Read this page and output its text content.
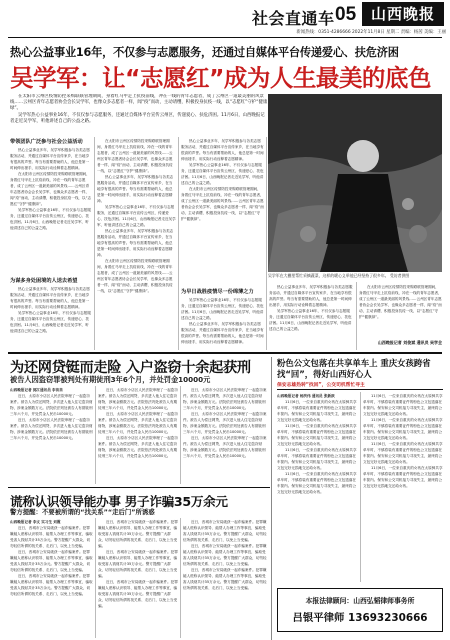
社会直通车 05 山西晚报
新闻热线：0351-4286666 2022年11月8日 星期二 责编：杨茜 美编：王丽
热心公益事业16年，不仅参与志愿服务，还通过自媒体平台传递爱心、扶危济困
吴学军：让“志愿红”成为人生最美的底色

在太阳市云州区疫情防控采购联联管理期间，身着红马甲走上抗疫前线，冲在一线的青年志愿者，成了云州区一道最美丽的风景线……云州区青年志愿者协会会长吴学军，也像众多志愿者一样，闻“疫”而动，主动请缨，积极投身抗疫一线，以“志愿红”守护“健康绿”。

吴学军热心公益事业16年，不仅仅参与志愿服务，还通过自媒体平台宣传云州区，传递爱心、扶危济困。11月6日，山西晚报记者走近吴学军，听他讲述自己的公益之路。

吴学军在大棚里帮忙采摘蔬菜，这样的暖心义举他已经坚持了很多年。 受访者供图
带领团队广泛参与社会公益活动

热心公益事业多年，吴学军积极参与各类志愿服务活动，并通过自媒体平台宣传家乡，在当地享有很高的声誉。每当有需要帮助的人，他总是第一时间伸出援手，用实际行动诠释着志愿精神。

在太阳市云州区疫情防控采购联联管理期间，身着红马甲走上抗疫前线，冲在一线的青年志愿者，成了云州区一道最美丽的风景线……云州区青年志愿者协会会长吴学军，也像众多志愿者一样，闻“疫”而动，主动请缨，积极投身抗疫一线，以“志愿红”守护“健康绿”。

吴学军热心公益事业16年，不仅仅参与志愿服务，还通过自媒体平台宣传云州区，传递爱心、扶危济困。11月6日，山西晚报记者走近吴学军，听他讲述自己的公益之路。

为谋多身处困境的人送去希望

热心公益事业多年，吴学军积极参与各类志愿服务活动，并通过自媒体平台宣传家乡，在当地享有很高的声誉。每当有需要帮助的人，他总是第一时间伸出援手，用实际行动诠释着志愿精神。

吴学军热心公益事业16年，不仅仅参与志愿服务，还通过自媒体平台宣传云州区，传递爱心、扶危济困。11月6日，山西晚报记者走近吴学军，听他讲述自己的公益之路。

在太阳市云州区疫情防控采购联联管理期间，身着红马甲走上抗疫前线，冲在一线的青年志愿者，成了云州区一道最美丽的风景线……云州区青年志愿者协会会长吴学军，也像众多志愿者一样，闻“疫”而动，主动请缨，积极投身抗疫一线，以“志愿红”守护“健康绿”。

热心公益事业多年，吴学军积极参与各类志愿服务活动，并通过自媒体平台宣传家乡，在当地享有很高的声誉。每当有需要帮助的人，他总是第一时间伸出援手，用实际行动诠释着志愿精神。

吴学军热心公益事业16年，不仅仅参与志愿服务，还通过自媒体平台宣传云州区，传递爱心、扶危济困。11月6日，山西晚报记者走近吴学军，听他讲述自己的公益之路。

热心公益事业多年，吴学军积极参与各类志愿服务活动，并通过自媒体平台宣传家乡，在当地享有很高的声誉。每当有需要帮助的人，他总是第一时间伸出援手，用实际行动诠释着志愿精神。

在太阳市云州区疫情防控采购联联管理期间，身着红马甲走上抗疫前线，冲在一线的青年志愿者，成了云州区一道最美丽的风景线……云州区青年志愿者协会会长吴学军，也像众多志愿者一样，闻“疫”而动，主动请缨，积极投身抗疫一线，以“志愿红”守护“健康绿”。

热心公益事业多年，吴学军积极参与各类志愿服务活动，并通过自媒体平台宣传家乡，在当地享有很高的声誉。每当有需要帮助的人，他总是第一时间伸出援手，用实际行动诠释着志愿精神。

吴学军热心公益事业16年，不仅仅参与志愿服务，还通过自媒体平台宣传云州区，传递爱心、扶危济困。11月6日，山西晚报记者走近吴学军，听他讲述自己的公益之路。

在太阳市云州区疫情防控采购联联管理期间，身着红马甲走上抗疫前线，冲在一线的青年志愿者，成了云州区一道最美丽的风景线……云州区青年志愿者协会会长吴学军，也像众多志愿者一样，闻“疫”而动，主动请缨，积极投身抗疫一线，以“志愿红”守护“健康绿”。

为早日战胜疫情尽一份绵薄之力

吴学军热心公益事业16年，不仅仅参与志愿服务，还通过自媒体平台宣传云州区，传递爱心、扶危济困。11月6日，山西晚报记者走近吴学军，听他讲述自己的公益之路。

热心公益事业多年，吴学军积极参与各类志愿服务活动，并通过自媒体平台宣传家乡，在当地享有很高的声誉。每当有需要帮助的人，他总是第一时间伸出援手，用实际行动诠释着志愿精神。

热心公益事业多年，吴学军积极参与各类志愿服务活动，并通过自媒体平台宣传家乡，在当地享有很高的声誉。每当有需要帮助的人，他总是第一时间伸出援手，用实际行动诠释着志愿精神。

吴学军热心公益事业16年，不仅仅参与志愿服务，还通过自媒体平台宣传云州区，传递爱心、扶危济困。11月6日，山西晚报记者走近吴学军，听他讲述自己的公益之路。

在太阳市云州区疫情防控采购联联管理期间，身着红马甲走上抗疫前线，冲在一线的青年志愿者，成了云州区一道最美丽的风景线……云州区青年志愿者协会会长吴学军，也像众多志愿者一样，闻“疫”而动，主动请缨，积极投身抗疫一线，以“志愿红”守护“健康绿”。

山西晚报记者 刘俊斌 通讯员 吴学全
为还网贷铤而走险 入户盗窃十余起获刑
被告人因盗窃罪被判处有期徒刑3年6个月，并处罚金10000元

山西晚报记者 郭江通讯员 李苗苗

近日，太原市小店区人民法院审理了一起盗窃案件。被告人为偿还网贷，多次进入他人住宅盗窃财物，涉案金额数万元。法院依法判处被告人有期徒刑三年六个月，并处罚金人民币10000元。

近日，太原市小店区人民法院审理了一起盗窃案件。被告人为偿还网贷，多次进入他人住宅盗窃财物，涉案金额数万元。法院依法判处被告人有期徒刑三年六个月，并处罚金人民币10000元。

近日，太原市小店区人民法院审理了一起盗窃案件。被告人为偿还网贷，多次进入他人住宅盗窃财物，涉案金额数万元。法院依法判处被告人有期徒刑三年六个月，并处罚金人民币10000元。

近日，太原市小店区人民法院审理了一起盗窃案件。被告人为偿还网贷，多次进入他人住宅盗窃财物，涉案金额数万元。法院依法判处被告人有期徒刑三年六个月，并处罚金人民币10000元。

近日，太原市小店区人民法院审理了一起盗窃案件。被告人为偿还网贷，多次进入他人住宅盗窃财物，涉案金额数万元。法院依法判处被告人有期徒刑三年六个月，并处罚金人民币10000元。

近日，太原市小店区人民法院审理了一起盗窃案件。被告人为偿还网贷，多次进入他人住宅盗窃财物，涉案金额数万元。法院依法判处被告人有期徒刑三年六个月，并处罚金人民币10000元。

近日，太原市小店区人民法院审理了一起盗窃案件。被告人为偿还网贷，多次进入他人住宅盗窃财物，涉案金额数万元。法院依法判处被告人有期徒刑三年六个月，并处罚金人民币10000元。

近日，太原市小店区人民法院审理了一起盗窃案件。被告人为偿还网贷，多次进入他人住宅盗窃财物，涉案金额数万元。法院依法判处被告人有期徒刑三年六个月，并处罚金人民币10000元。

谎称认识领导能办事 男子诈骗35万余元
警方提醒：不要被所谓的“找关系”“走后门”所诱惑

山西晚报记者 李文 实习生 刘霞

近日，晋城市公安局破获一起诈骗案件。犯罪嫌疑人谎称认识领导、能帮人办理工作等事宜，骗取受害人钱财共计35万余元。警方提醒广大群众，切勿轻信所谓的找关系、走后门，以免上当受骗。

近日，晋城市公安局破获一起诈骗案件。犯罪嫌疑人谎称认识领导、能帮人办理工作等事宜，骗取受害人钱财共计35万余元。警方提醒广大群众，切勿轻信所谓的找关系、走后门，以免上当受骗。

近日，晋城市公安局破获一起诈骗案件。犯罪嫌疑人谎称认识领导、能帮人办理工作等事宜，骗取受害人钱财共计35万余元。警方提醒广大群众，切勿轻信所谓的找关系、走后门，以免上当受骗。

近日，晋城市公安局破获一起诈骗案件。犯罪嫌疑人谎称认识领导、能帮人办理工作等事宜，骗取受害人钱财共计35万余元。警方提醒广大群众，切勿轻信所谓的找关系、走后门，以免上当受骗。

近日，晋城市公安局破获一起诈骗案件。犯罪嫌疑人谎称认识领导、能帮人办理工作等事宜，骗取受害人钱财共计35万余元。警方提醒广大群众，切勿轻信所谓的找关系、走后门，以免上当受骗。

近日，晋城市公安局破获一起诈骗案件。犯罪嫌疑人谎称认识领导、能帮人办理工作等事宜，骗取受害人钱财共计35万余元。警方提醒广大群众，切勿轻信所谓的找关系、走后门，以免上当受骗。

近日，晋城市公安局破获一起诈骗案件。犯罪嫌疑人谎称认识领导、能帮人办理工作等事宜，骗取受害人钱财共计35万余元。警方提醒广大群众，切勿轻信所谓的找关系、走后门，以免上当受骗。

近日，晋城市公安局破获一起诈骗案件。犯罪嫌疑人谎称认识领导、能帮人办理工作等事宜，骗取受害人钱财共计35万余元。警方提醒广大群众，切勿轻信所谓的找关系、走后门，以免上当受骗。

近日，晋城市公安局破获一起诈骗案件。犯罪嫌疑人谎称认识领导、能帮人办理工作等事宜，骗取受害人钱财共计35万余元。警方提醒广大群众，切勿轻信所谓的找关系、走后门，以免上当受骗。

粉色公文包落在共享单车上 重庆女孩跨省找“回”，得好山西好心人
保安志雄热转“找回”，公交司机帮忙寻主

山西晚报记者 杨洪伟 通讯员 张新跃

11月6日，一位来自重庆的女孩在太原骑共享单车时，不慎将装有重要证件的粉色公文包遗落在车筐内。保安和公交司机接力寻找失主，最终将公文包完好无损地交还给女孩。

11月6日，一位来自重庆的女孩在太原骑共享单车时，不慎将装有重要证件的粉色公文包遗落在车筐内。保安和公交司机接力寻找失主，最终将公文包完好无损地交还给女孩。

11月6日，一位来自重庆的女孩在太原骑共享单车时，不慎将装有重要证件的粉色公文包遗落在车筐内。保安和公交司机接力寻找失主，最终将公文包完好无损地交还给女孩。

11月6日，一位来自重庆的女孩在太原骑共享单车时，不慎将装有重要证件的粉色公文包遗落在车筐内。保安和公交司机接力寻找失主，最终将公文包完好无损地交还给女孩。

11月6日，一位来自重庆的女孩在太原骑共享单车时，不慎将装有重要证件的粉色公文包遗落在车筐内。保安和公交司机接力寻找失主，最终将公文包完好无损地交还给女孩。

11月6日，一位来自重庆的女孩在太原骑共享单车时，不慎将装有重要证件的粉色公文包遗落在车筐内。保安和公交司机接力寻找失主，最终将公文包完好无损地交还给女孩。

11月6日，一位来自重庆的女孩在太原骑共享单车时，不慎将装有重要证件的粉色公文包遗落在车筐内。保安和公交司机接力寻找失主，最终将公文包完好无损地交还给女孩。

11月6日，一位来自重庆的女孩在太原骑共享单车时，不慎将装有重要证件的粉色公文包遗落在车筐内。保安和公交司机接力寻找失主，最终将公文包完好无损地交还给女孩。

本报法律顾问：山西弘韬律师事务所
吕银平律师 13693230666
